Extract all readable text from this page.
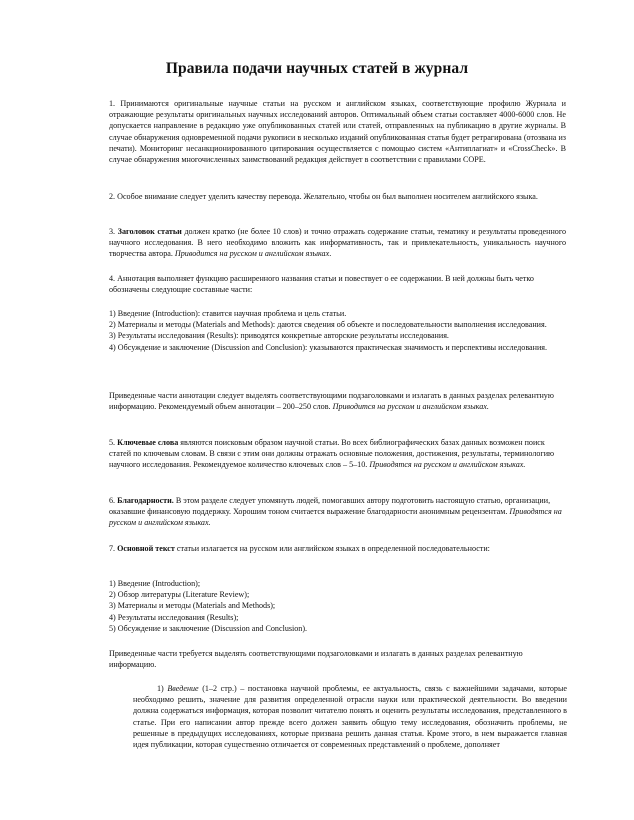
Правила подачи научных статей в журнал

1. Принимаются оригинальные научные статьи на русском и английском языках, соответствующие профилю Журнала и отражающие результаты оригинальных научных исследований авторов. Оптимальный объем статьи составляет 4000-6000 слов. Не допускается направление в редакцию уже опубликованных статей или статей, отправленных на публикацию в другие журналы. В случае обнаружения одновременной подачи рукописи в несколько изданий опубликованная статья будет ретрагирована (отозвана из печати). Мониторинг несанкционированного цитирования осуществляется с помощью систем «Антиплагиат» и «CrossCheck». В случае обнаружения многочисленных заимствований редакция действует в соответствии с правилами COPE.

2. Особое внимание следует уделить качеству перевода. Желательно, чтобы он был выполнен носителем английского языка.

3. Заголовок статьи должен кратко (не более 10 слов) и точно отражать содержание статьи, тематику и результаты проведенного научного исследования. В него необходимо вложить как информативность, так и привлекательность, уникальность научного творчества автора. Приводится на русском и английском языках.

4. Аннотация выполняет функцию расширенного названия статьи и повествует о ее содержании. В ней должны быть четко обозначены следующие составные части:

1) Введение (Introduction): ставится научная проблема и цель статьи.
2) Материалы и методы (Materials and Methods): даются сведения об объекте и последовательности выполнения исследования.
3) Результаты исследования (Results): приводятся конкретные авторские результаты исследования.
4) Обсуждение и заключение (Discussion and Conclusion): указываются практическая значимость и перспективы исследования.

Приведенные части аннотации следует выделять соответствующими подзаголовками и излагать в данных разделах релевантную информацию. Рекомендуемый объем аннотации – 200–250 слов. Приводится на русском и английском языках.

5. Ключевые слова являются поисковым образом научной статьи. Во всех библиографических базах данных возможен поиск статей по ключевым словам. В связи с этим они должны отражать основные положения, достижения, результаты, терминологию научного исследования. Рекомендуемое количество ключевых слов – 5–10. Приводятся на русском и английском языках.

6. Благодарности. В этом разделе следует упомянуть людей, помогавших автору подготовить настоящую статью, организации, оказавшие финансовую поддержку. Хорошим тоном считается выражение благодарности анонимным рецензентам. Приводятся на русском и английском языках.

7. Основной текст статьи излагается на русском или английском языках в определенной последовательности:

1) Введение (Introduction);
2) Обзор литературы (Literature Review);
3) Материалы и методы (Materials and Methods);
4) Результаты исследования (Results);
5) Обсуждение и заключение (Discussion and Conclusion).

Приведенные части требуется выделять соответствующими подзаголовками и излагать в данных разделах релевантную информацию.

1) Введение (1–2 стр.) – постановка научной проблемы, ее актуальность, связь с важнейшими задачами, которые необходимо решить, значение для развития определенной отрасли науки или практической деятельности. Во введении должна содержаться информация, которая позволит читателю понять и оценить результаты исследования, представленного в статье. При его написании автор прежде всего должен заявить общую тему исследования, обозначить проблемы, не решенные в предыдущих исследованиях, которые призвана решить данная статья. Кроме этого, в нем выражается главная идея публикации, которая существенно отличается от современных представлений о проблеме, дополняет
